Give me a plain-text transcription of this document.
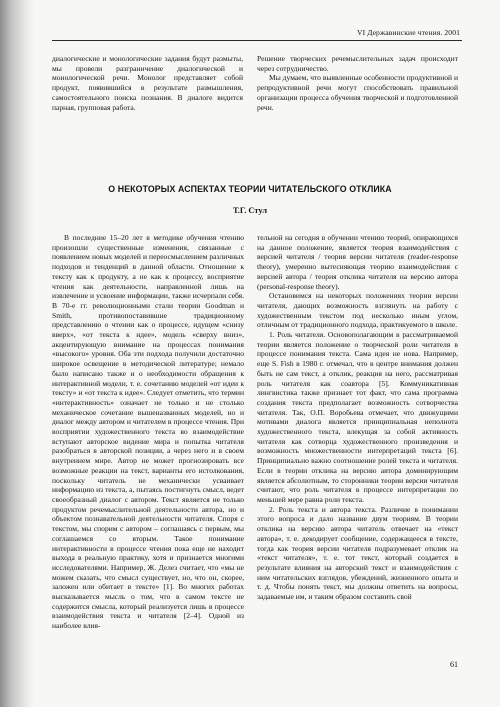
VI Державинские чтения. 2001

диалогические и монологические задания будут размыты, мы провели разграничение диалогической и монологической речи. Монолог представляет собой продукт, появившийся в результате размышления, самостоятельного поиска познания. В диалоге видится парная, групповая работа.

Решение творческих речемыслительных задач происходит через сотрудничество.

Мы думаем, что выявленные особенности продуктивной и репродуктивной речи могут способствовать правильной организации процесса обучения творческой и подготовленной речи.

О НЕКОТОРЫХ АСПЕКТАХ ТЕОРИИ ЧИТАТЕЛЬСКОГО ОТКЛИКА
Т.Г. Стул

В последние 15–20 лет в методике обучения чтению произошли существенные изменения, связанные с появлением новых моделей и переосмыслением различных подходов и тенденций в данной области. Отношение к тексту как к продукту, а не как к процессу, восприятие чтения как деятельности, направленной лишь на извлечение и усвоение информации, также исчерпали себя. В 70-е гг. революционными стали теории Goodman и Smith, противопоставившие традиционному представлению о чтении как о процессе, идущем «снизу вверх», «от текста к идее», модель «сверху вниз», акцентирующую внимание на процессах понимания «высокого» уровня. Оба эти подхода получили достаточно широкое освещение в методической литературе; немало было написано также и о необходимости обращения к интерактивной модели, т. е. сочетанию моделей «от идеи к тексту» и «от текста к идее». Следует отметить, что термин «интерактивность» означает не только и не столько механическое сочетание вышеназванных моделей, но и диалог между автором и читателем в процессе чтения. При восприятии художественного текста во взаимодействие вступают авторское видение мира и попытка читателя разобраться в авторской позиции, а через него и в своем внутреннем мире. Автор не может прогнозировать все возможные реакции на текст, варианты его истолкования, поскольку читатель не механически усваивает информацию из текста, а, пытаясь постигнуть смысл, ведет своеобразный диалог с автором. Текст является не только продуктом речемыслительной деятельности автора, но и объектом познавательной деятельности читателя. Споря с текстом, мы спорим с автором – соглашаясь с первым, мы соглашаемся со вторым. Такое понимание интерактивности в процессе чтения пока еще не находит выхода в реальную практику, хотя и признается многими исследователями. Например, Ж. Делез считает, что «мы не можем сказать, что смысл существует, но, что он, скорее, заложен или обитает в тексте» [1]. Во многих работах высказывается мысль о том, что в самом тексте не содержится смысла, который реализуется лишь в процессе взаимодействия текста и читателя [2–4]. Одной из наиболее влия-

тельной на сегодня в обучении чтению теорий, опирающихся на данное положение, является теория взаимодействия с версией читателя / теория версии читателя (reader-response theory), умеренно вытесняющая теорию взаимодействия с версией автора / теория отклика читателя на версию автора (personal-response theory).

Остановимся на некоторых положениях теории версии читателя, дающих возможность взглянуть на работу с художественным текстом под несколько иным углом, отличным от традиционного подхода, практикуемого в школе.

1. Роль читателя. Основополагающим в рассматриваемой теории является положение о творческой роли читателя в процессе понимания текста. Сама идея не нова. Например, еще S. Fish в 1980 г. отмечал, что в центре внимания должен быть не сам текст, а отклик, реакция на него, рассматривая роль читателя как соавтора [5]. Коммуникативная лингвистика также признает тот факт, что сама программа создания текста предполагает возможность сотворчества читателя. Так, О.П. Воробьева отмечает, что движущими мотивами диалога является принципиальная неполнота художественного текста, влекущая за собой активность читателя как сотворца художественного произведения и возможность множественности интерпретаций текста [6]. Принципиально важно соотношение ролей текста и читателя. Если в теории отклика на версию автора доминирующим является абсолютным, то сторонники теории версии читателя считают, что роль читателя в процессе интерпретации по меньшей мере равна роли текста.

2. Роль текста и автора текста. Различие в понимании этого вопроса и дало название двум теориям. В теории отклика на версию автора читатель отвечает на «текст автора», т. е. декодирует сообщение, содержащееся в тексте, тогда как теория версии читателя подразумевает отклик на «текст читателя», т. е. тот текст, который создается в результате влияния на авторский текст и взаимодействия с ним читательских взглядов, убеждений, жизненного опыта и т. д. Чтобы понять текст, мы должны ответить на вопросы, задаваемые им, и таким образом составить свой

61
